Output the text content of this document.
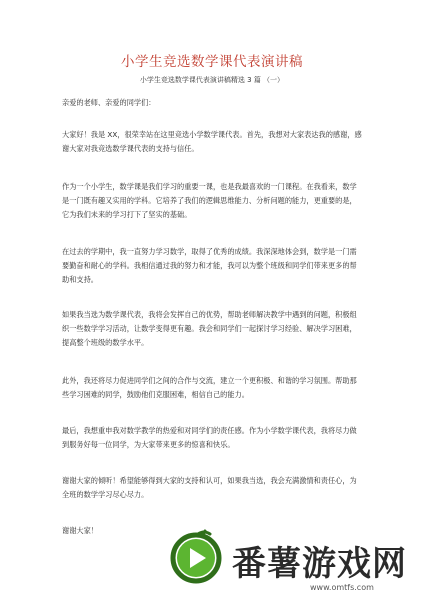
小学生竞选数学课代表演讲稿
小学生竞选数学课代表演讲稿精选 3 篇 （一）

亲爱的老师、亲爱的同学们：

大家好！我是 XX，很荣幸站在这里竞选小学数学课代表。首先，我想对大家表达我的感谢，感谢大家对我竞选数学课代表的支持与信任。

作为一个小学生，数学课是我们学习的重要一课，也是我最喜欢的一门课程。在我看来，数学是一门既有趣又实用的学科。它培养了我们的逻辑思维能力、分析问题的能力，更重要的是，它为我们未来的学习打下了坚实的基础。

在过去的学期中，我一直努力学习数学，取得了优秀的成绩。我深深地体会到，数学是一门需要勤奋和耐心的学科。我相信通过我的努力和才能，我可以为整个班级和同学们带来更多的帮助和支持。

如果我当选为数学课代表，我将会发挥自己的优势，帮助老师解决教学中遇到的问题，积极组织一些数学学习活动，让数学变得更有趣。我会和同学们一起探讨学习经验、解决学习困难，提高整个班级的数学水平。

此外，我还将尽力促进同学们之间的合作与交流，建立一个更积极、和谐的学习氛围。帮助那些学习困难的同学，鼓励他们克服困难，相信自己的能力。

最后，我想重申我对数学教学的热爱和对同学们的责任感。作为小学数学课代表，我将尽力做到服务好每一位同学，为大家带来更多的惊喜和快乐。

谢谢大家的倾听！希望能够得到大家的支持和认可，如果我当选，我会充满激情和责任心，为全班的数学学习尽心尽力。

谢谢大家！

番薯游戏网
www.omtfs.com
